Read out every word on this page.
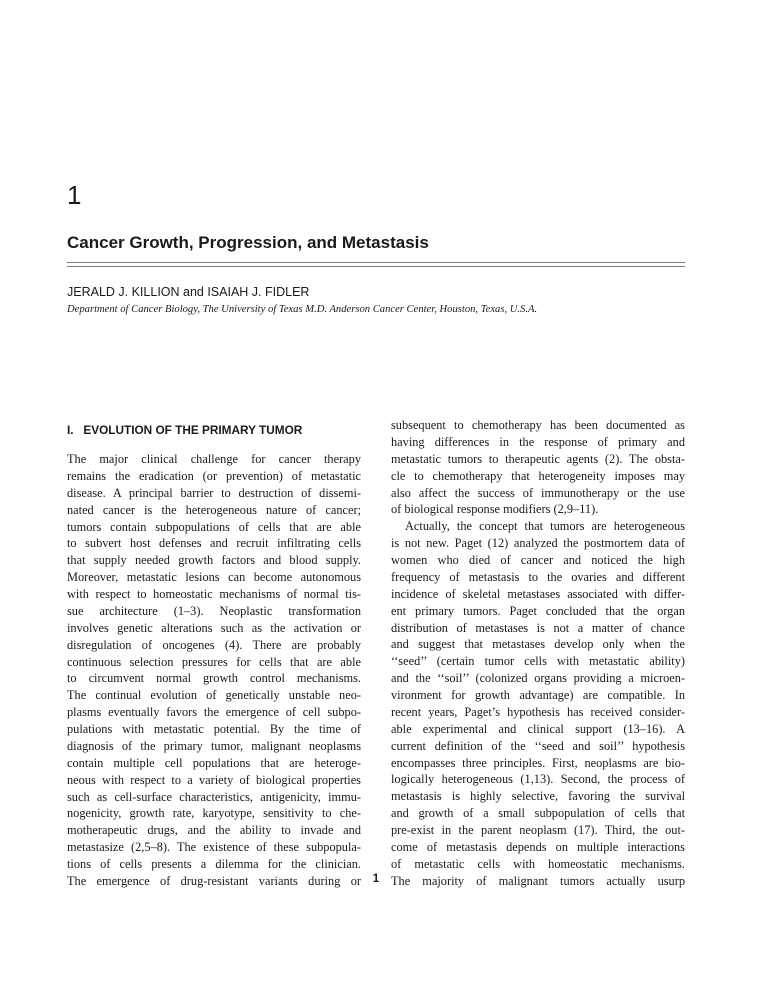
1
Cancer Growth, Progression, and Metastasis

JERALD J. KILLION and ISAIAH J. FIDLER

Department of Cancer Biology, The University of Texas M.D. Anderson Cancer Center, Houston, Texas, U.S.A.

I.   EVOLUTION OF THE PRIMARY TUMOR
The major clinical challenge for cancer therapy
remains the eradication (or prevention) of metastatic
disease. A principal barrier to destruction of dissemi-
nated cancer is the heterogeneous nature of cancer;
tumors contain subpopulations of cells that are able
to subvert host defenses and recruit infiltrating cells
that supply needed growth factors and blood supply.
Moreover, metastatic lesions can become autonomous
with respect to homeostatic mechanisms of normal tis-
sue architecture (1–3). Neoplastic transformation
involves genetic alterations such as the activation or
disregulation of oncogenes (4). There are probably
continuous selection pressures for cells that are able
to circumvent normal growth control mechanisms.
The continual evolution of genetically unstable neo-
plasms eventually favors the emergence of cell subpo-
pulations with metastatic potential. By the time of
diagnosis of the primary tumor, malignant neoplasms
contain multiple cell populations that are heteroge-
neous with respect to a variety of biological properties
such as cell-surface characteristics, antigenicity, immu-
nogenicity, growth rate, karyotype, sensitivity to che-
motherapeutic drugs, and the ability to invade and
metastasize (2,5–8). The existence of these subpopula-
tions of cells presents a dilemma for the clinician.
The emergence of drug-resistant variants during or
subsequent to chemotherapy has been documented as
having differences in the response of primary and
metastatic tumors to therapeutic agents (2). The obsta-
cle to chemotherapy that heterogeneity imposes may
also affect the success of immunotherapy or the use
of biological response modifiers (2,9–11).
Actually, the concept that tumors are heterogeneous
is not new. Paget (12) analyzed the postmortem data of
women who died of cancer and noticed the high
frequency of metastasis to the ovaries and different
incidence of skeletal metastases associated with differ-
ent primary tumors. Paget concluded that the organ
distribution of metastases is not a matter of chance
and suggest that metastases develop only when the
‘‘seed’’ (certain tumor cells with metastatic ability)
and the ‘‘soil’’ (colonized organs providing a microen-
vironment for growth advantage) are compatible. In
recent years, Paget’s hypothesis has received consider-
able experimental and clinical support (13–16). A
current definition of the ‘‘seed and soil’’ hypothesis
encompasses three principles. First, neoplasms are bio-
logically heterogeneous (1,13). Second, the process of
metastasis is highly selective, favoring the survival
and growth of a small subpopulation of cells that
pre-exist in the parent neoplasm (17). Third, the out-
come of metastasis depends on multiple interactions
of metastatic cells with homeostatic mechanisms.
The majority of malignant tumors actually usurp

1
